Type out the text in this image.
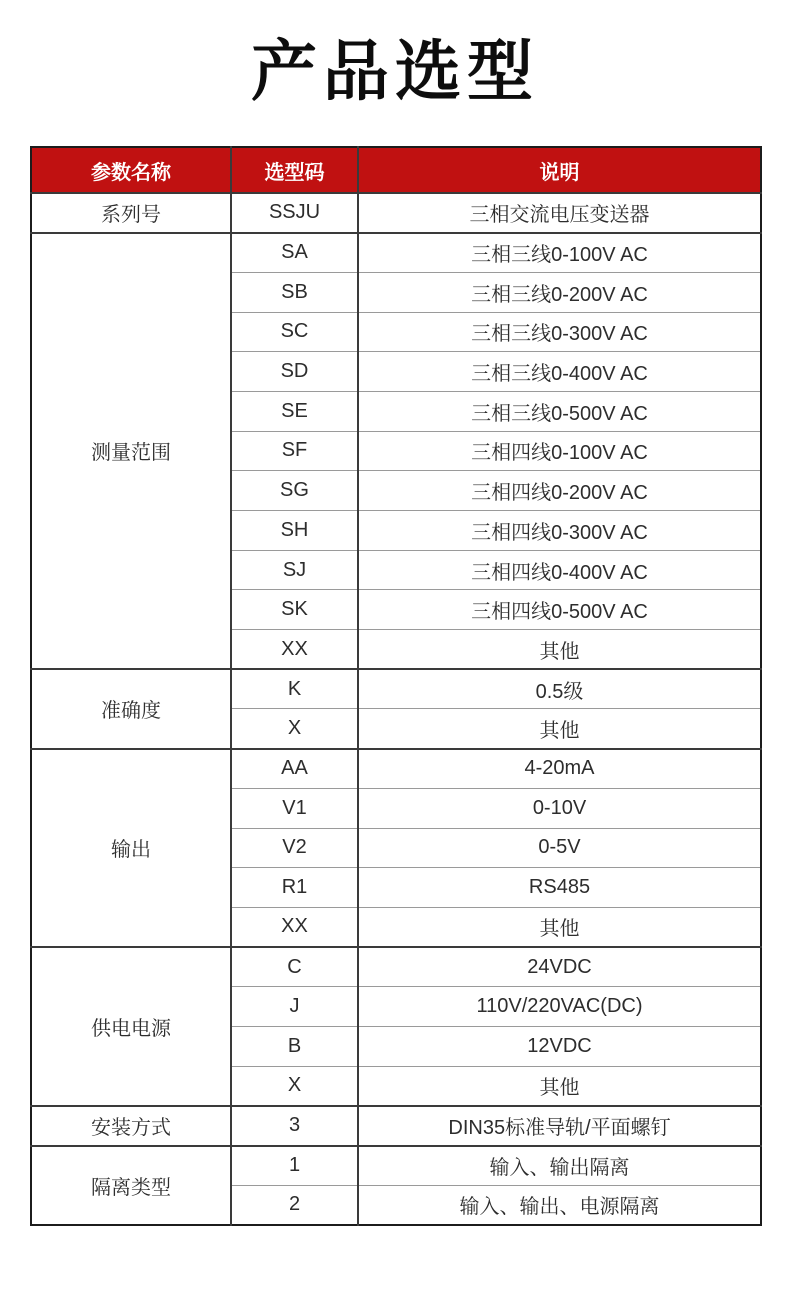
产品选型
参数名称	选型码	说明
系列号	SSJU	三相交流电压变送器
测量范围	SA	三相三线0-100V AC
	SB	三相三线0-200V AC
	SC	三相三线0-300V AC
	SD	三相三线0-400V AC
	SE	三相三线0-500V AC
	SF	三相四线0-100V AC
	SG	三相四线0-200V AC
	SH	三相四线0-300V AC
	SJ	三相四线0-400V AC
	SK	三相四线0-500V AC
	XX	其他
准确度	K	0.5级
	X	其他
输出	AA	4-20mA
	V1	0-10V
	V2	0-5V
	R1	RS485
	XX	其他
供电电源	C	24VDC
	J	110V/220VAC(DC)
	B	12VDC
	X	其他
安装方式	3	DIN35标准导轨/平面螺钉
隔离类型	1	输入、输出隔离
	2	输入、输出、电源隔离
